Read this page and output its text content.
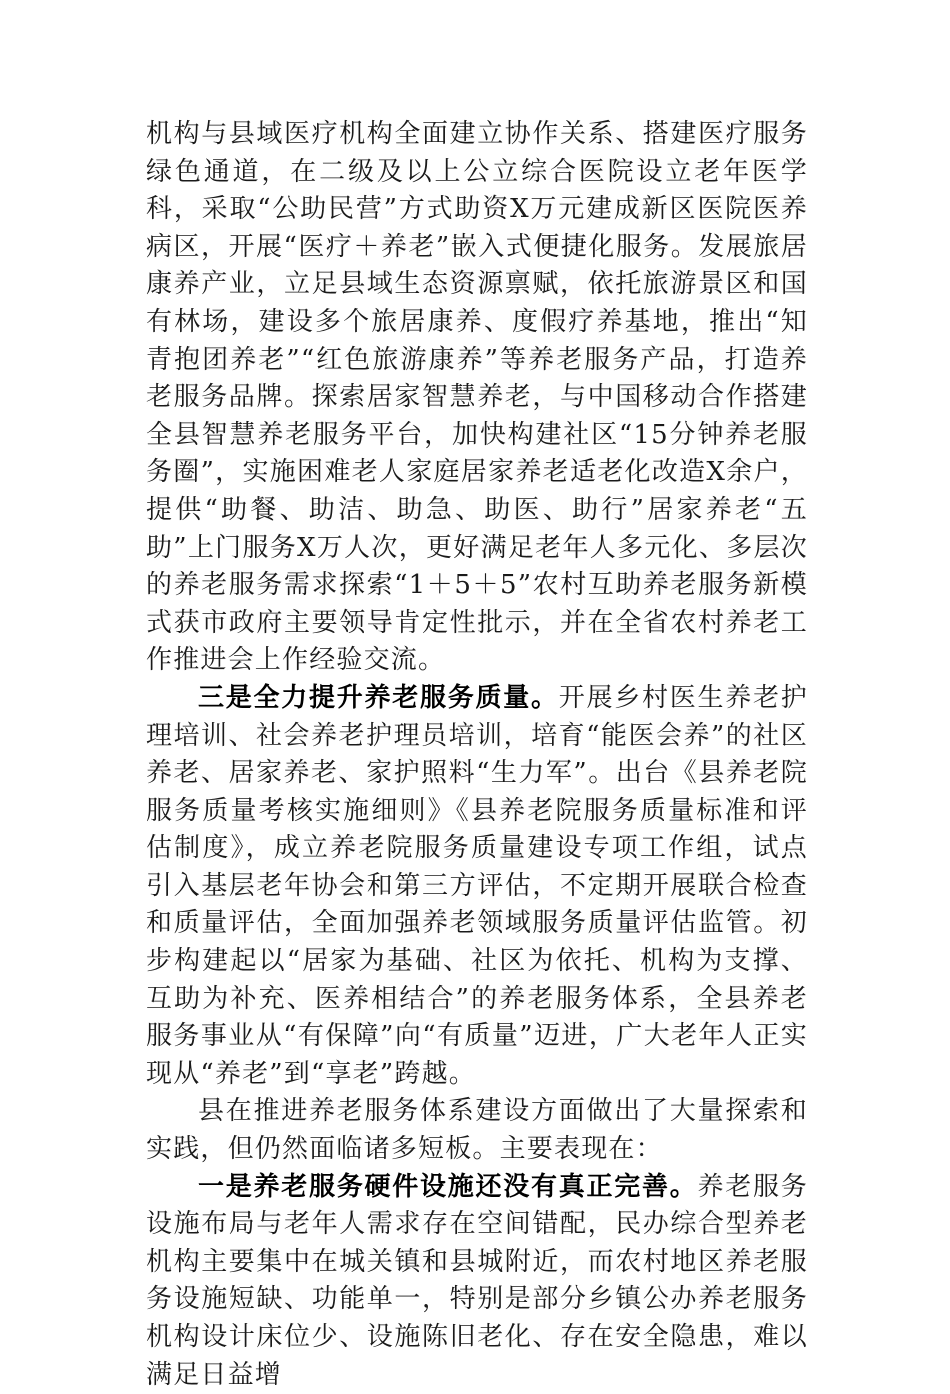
机构与县域医疗机构全面建立协作关系、搭建医疗服务绿色通道，在二级及以上公立综合医院设立老年医学科，采取“公助民营”方式助资X万元建成新区医院医养病区，开展“医疗＋养老”嵌入式便捷化服务。发展旅居康养产业，立足县域生态资源禀赋，依托旅游景区和国有林场，建设多个旅居康养、度假疗养基地，推出“知青抱团养老”“红色旅游康养”等养老服务产品，打造养老服务品牌。探索居家智慧养老，与中国移动合作搭建全县智慧养老服务平台，加快构建社区“15分钟养老服务圈”，实施困难老人家庭居家养老适老化改造X余户，提供“助餐、助洁、助急、助医、助行”居家养老“五助”上门服务X万人次，更好满足老年人多元化、多层次的养老服务需求探索“1＋5＋5”农村互助养老服务新模式获市政府主要领导肯定性批示，并在全省农村养老工作推进会上作经验交流。

三是全力提升养老服务质量。开展乡村医生养老护理培训、社会养老护理员培训，培育“能医会养”的社区养老、居家养老、家护照料“生力军”。出台《县养老院服务质量考核实施细则》《县养老院服务质量标准和评估制度》，成立养老院服务质量建设专项工作组，试点引入基层老年协会和第三方评估，不定期开展联合检查和质量评估，全面加强养老领域服务质量评估监管。初步构建起以“居家为基础、社区为依托、机构为支撑、互助为补充、医养相结合”的养老服务体系，全县养老服务事业从“有保障”向“有质量”迈进，广大老年人正实现从“养老”到“享老”跨越。

县在推进养老服务体系建设方面做出了大量探索和实践，但仍然面临诸多短板。主要表现在：

一是养老服务硬件设施还没有真正完善。养老服务设施布局与老年人需求存在空间错配，民办综合型养老机构主要集中在城关镇和县城附近，而农村地区养老服务设施短缺、功能单一，特别是部分乡镇公办养老服务机构设计床位少、设施陈旧老化、存在安全隐患，难以满足日益增
